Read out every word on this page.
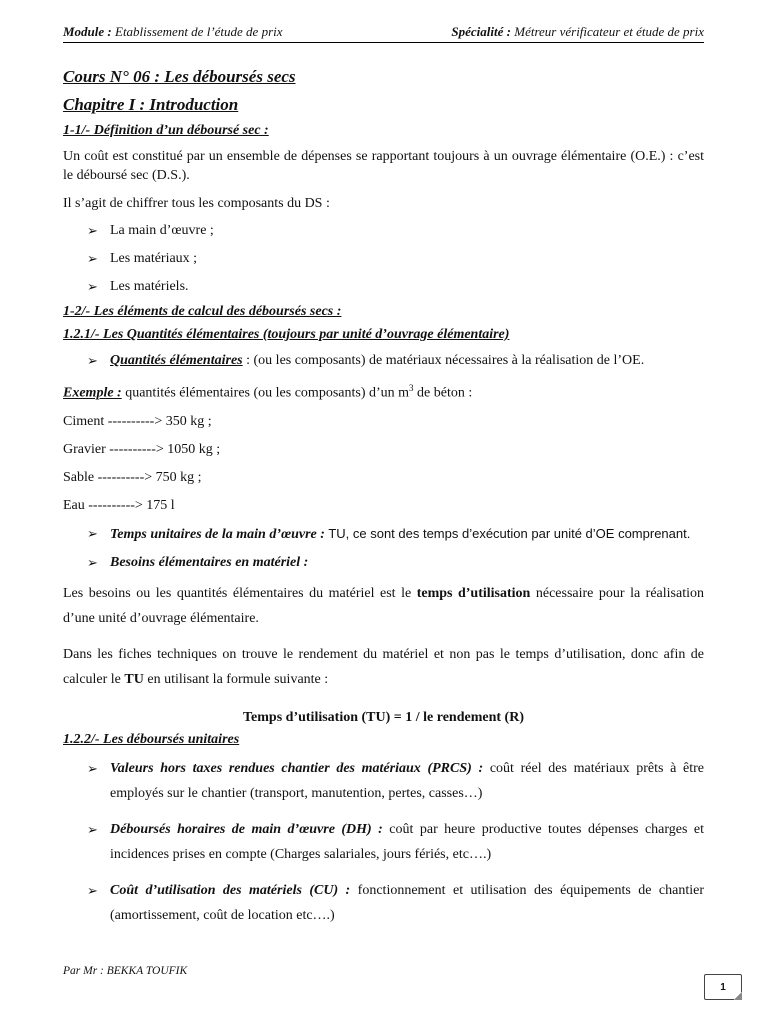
Module : Etablissement de l’étude de prix	Spécialité : Métreur vérificateur et étude de prix
Cours N° 06 : Les déboursés secs
Chapitre I : Introduction
1-1/- Définition d’un déboursé sec :

Un coût est constitué par un ensemble de dépenses se rapportant toujours à un ouvrage élémentaire (O.E.) : c’est le déboursé sec (D.S.).

Il s’agit de chiffrer tous les composants du DS :

➢ La main d’œuvre ;
➢ Les matériaux ;
➢ Les matériels.
1-2/- Les éléments de calcul des déboursés secs :
1.2.1/- Les Quantités élémentaires (toujours par unité d’ouvrage élémentaire)
➢ Quantités élémentaires : (ou les composants) de matériaux nécessaires à la réalisation de l’OE.

Exemple : quantités élémentaires (ou les composants) d’un $m^3$ de béton :

Ciment ----------> 350 kg ;

Gravier ----------> 1050 kg ;

Sable ----------> 750 kg ;

Eau ----------> 175 l

➢ Temps unitaires de la main d’œuvre : TU, ce sont des temps d’exécution par unité d’OE comprenant.
➢ Besoins élémentaires en matériel :

Les besoins ou les quantités élémentaires du matériel est le temps d’utilisation nécessaire pour la réalisation d’une unité d’ouvrage élémentaire.

Dans les fiches techniques on trouve le rendement du matériel et non pas le temps d’utilisation, donc afin de calculer le TU en utilisant la formule suivante :

Temps d’utilisation (TU) = 1 / le rendement (R)
1.2.2/- Les déboursés unitaires
➢ Valeurs hors taxes rendues chantier des matériaux (PRCS) : coût réel des matériaux prêts à être employés sur le chantier (transport, manutention, pertes, casses…)
➢ Déboursés horaires de main d’œuvre (DH) : coût par heure productive toutes dépenses charges et incidences prises en compte (Charges salariales, jours fériés, etc….)
➢ Coût d’utilisation des matériels (CU) : fonctionnement et utilisation des équipements de chantier (amortissement, coût de location etc….)
Par Mr : BEKKA TOUFIK
1
